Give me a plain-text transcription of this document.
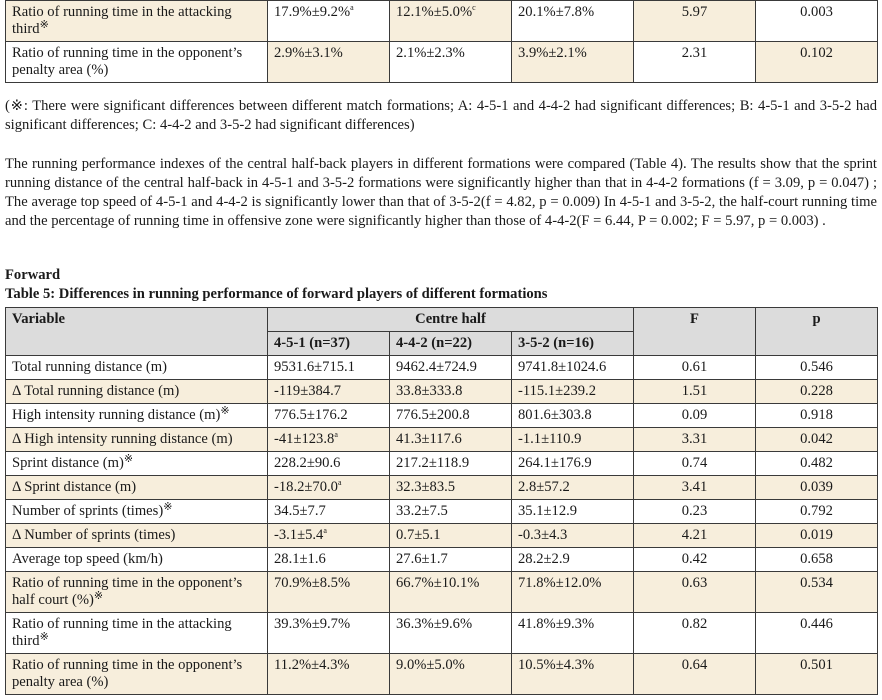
Ratio of running time in the attacking third※	17.9%±9.2%$^a$	12.1%±5.0%$^c$	20.1%±7.8%	5.97	0.003
Ratio of running time in the opponent’s penalty area (%)	2.9%±3.1%	2.1%±2.3%	3.9%±2.1%	2.31	0.102
(※: There were significant differences between different match formations; A: 4-5-1 and 4-4-2 had significant differences; B: 4-5-1 and 3-5-2 had significant differences; C: 4-4-2 and 3-5-2 had significant differences)
The running performance indexes of the central half-back players in different formations were compared (Table 4). The results show that the sprint running distance of the central half-back in 4-5-1 and 3-5-2 formations were significantly higher than that in 4-4-2 formations (f = 3.09, p = 0.047) ; The average top speed of 4-5-1 and 4-4-2 is significantly lower than that of 3-5-2(f = 4.82, p = 0.009) In 4-5-1 and 3-5-2, the half-court running time and the percentage of running time in offensive zone were significantly higher than those of 4-4-2(F = 6.44, P = 0.002; F = 5.97, p = 0.003) .
Forward
Table 5: Differences in running performance of forward players of different formations
Variable	Centre half			F	p
	4-5-1 (n=37)	4-4-2 (n=22)	3-5-2 (n=16)		
Total running distance (m)	9531.6±715.1	9462.4±724.9	9741.8±1024.6	0.61	0.546
Δ Total running distance (m)	-119±384.7	33.8±333.8	-115.1±239.2	1.51	0.228
High intensity running distance (m)※	776.5±176.2	776.5±200.8	801.6±303.8	0.09	0.918
Δ High intensity running distance (m)	-41±123.8$^a$	41.3±117.6	-1.1±110.9	3.31	0.042
Sprint distance (m)※	228.2±90.6	217.2±118.9	264.1±176.9	0.74	0.482
Δ Sprint distance (m)	-18.2±70.0$^a$	32.3±83.5	2.8±57.2	3.41	0.039
Number of sprints (times)※	34.5±7.7	33.2±7.5	35.1±12.9	0.23	0.792
Δ Number of sprints (times)	-3.1±5.4$^a$	0.7±5.1	-0.3±4.3	4.21	0.019
Average top speed (km/h)	28.1±1.6	27.6±1.7	28.2±2.9	0.42	0.658
Ratio of running time in the opponent’s half court (%)※	70.9%±8.5%	66.7%±10.1%	71.8%±12.0%	0.63	0.534
Ratio of running time in the attacking third※	39.3%±9.7%	36.3%±9.6%	41.8%±9.3%	0.82	0.446
Ratio of running time in the opponent’s penalty area (%)	11.2%±4.3%	9.0%±5.0%	10.5%±4.3%	0.64	0.501
